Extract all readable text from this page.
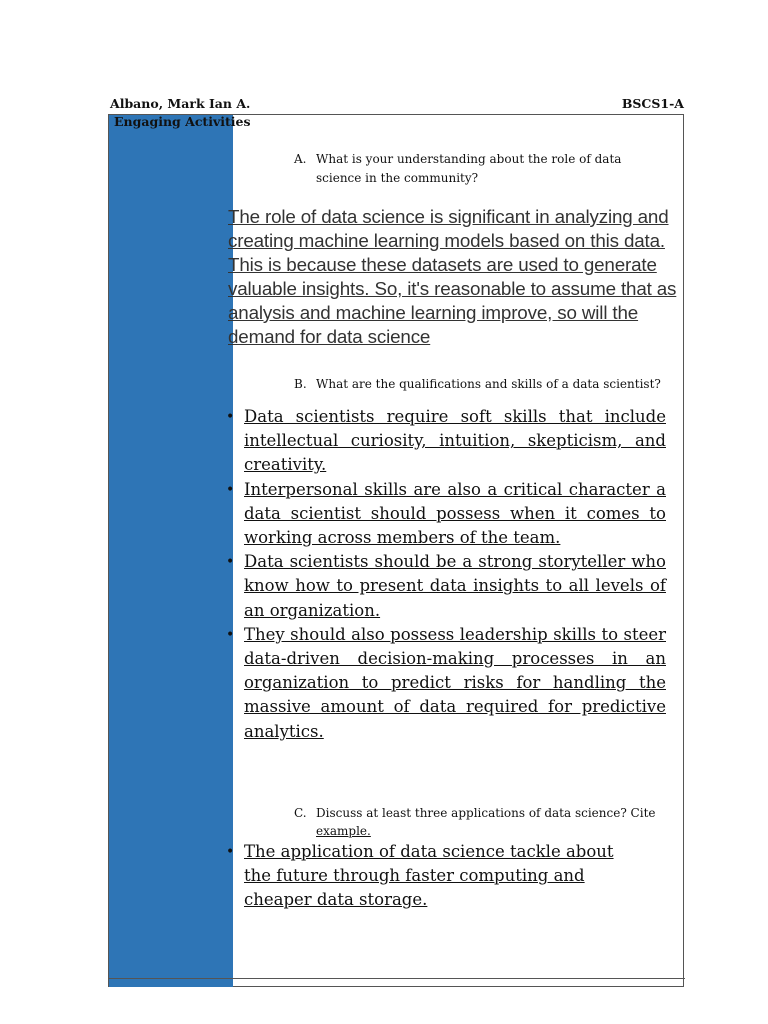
Albano, Mark Ian A.	BSCS1-A
Engaging Activities
A. What is your understanding about the role of data
science in the community?

The role of data science is significant in analyzing and creating machine learning models based on this data. This is because these datasets are used to generate valuable insights. So, it's reasonable to assume that as analysis and machine learning improve, so will the demand for data science

B. What are the qualifications and skills of a data scientist?
• Data scientists require soft skills that include intellectual curiosity, intuition, skepticism, and creativity.
• Interpersonal skills are also a critical character a data scientist should possess when it comes to working across members of the team.
• Data scientists should be a strong storyteller who know how to present data insights to all levels of an organization.
• They should also possess leadership skills to steer data-driven decision-making processes in an organization to predict risks for handling the massive amount of data required for predictive analytics.
C. Discuss at least three applications of data science? Cite
example.
• The application of data science tackle about the future through faster computing and cheaper data storage.
